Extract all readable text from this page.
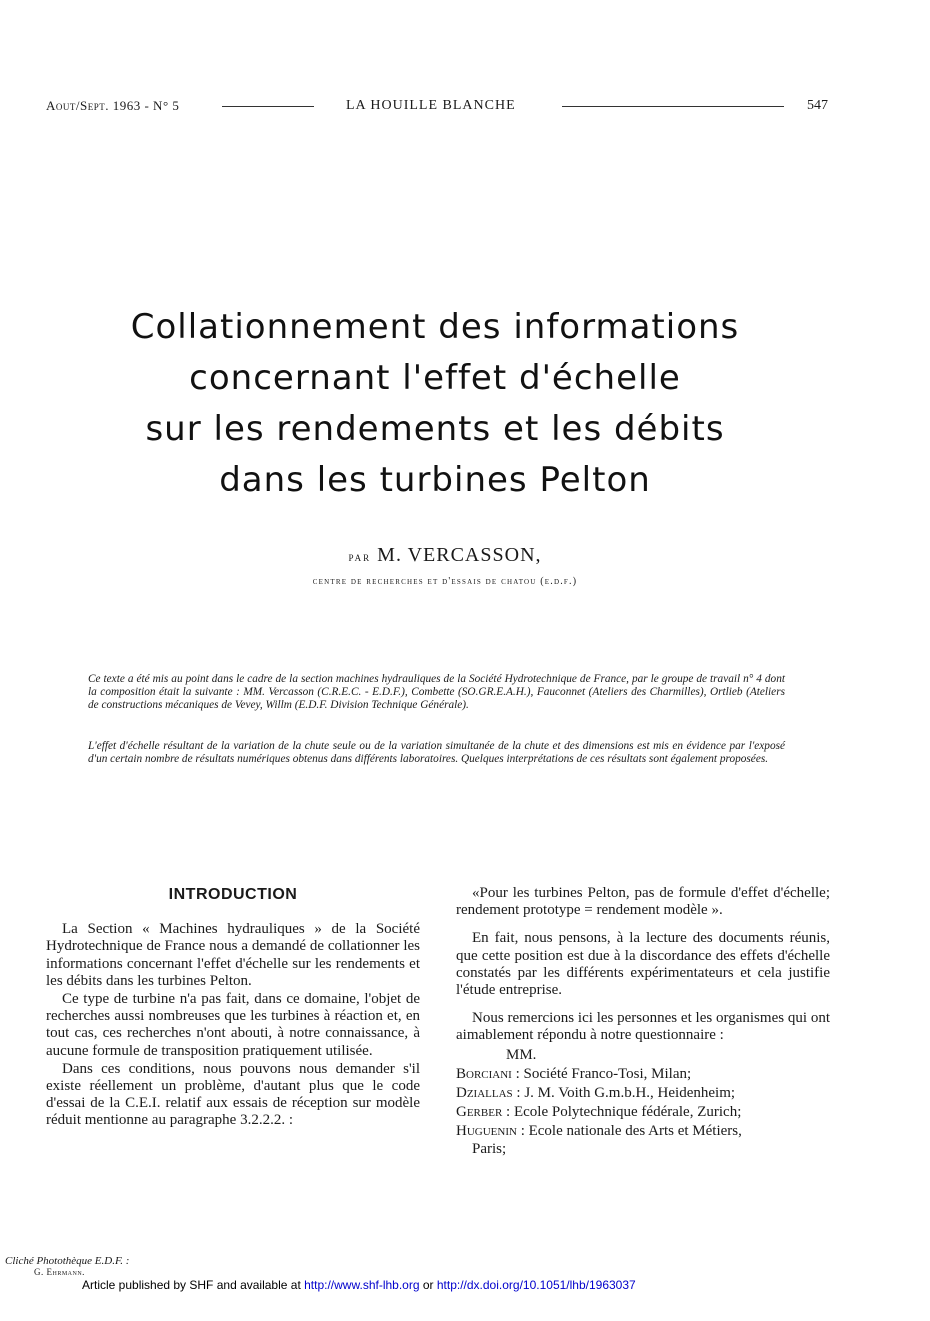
Aout/Sept. 1963 - N° 5	LA HOUILLE BLANCHE	547
Collationnement des informations
concernant l'effet d'échelle
sur les rendements et les débits
dans les turbines Pelton
par M. VERCASSON,
centre de recherches et d'essais de chatou (e.d.f.)
Ce texte a été mis au point dans le cadre de la section machines hydrauliques de la Société Hydrotechnique de France, par le groupe de travail n° 4 dont la composition était la suivante : MM. Vercasson (C.R.E.C. - E.D.F.), Combette (SO.GR.E.A.H.), Fauconnet (Ateliers des Charmilles), Ortlieb (Ateliers de constructions mécaniques de Vevey, Willm (E.D.F. Division Technique Générale).
L'effet d'échelle résultant de la variation de la chute seule ou de la variation simultanée de la chute et des dimensions est mis en évidence par l'exposé d'un certain nombre de résultats numériques obtenus dans différents laboratoires. Quelques interprétations de ces résultats sont également proposées.
INTRODUCTION

La Section « Machines hydrauliques » de la Société Hydrotechnique de France nous a demandé de collationner les informations concernant l'effet d'échelle sur les rendements et les débits dans les turbines Pelton.

Ce type de turbine n'a pas fait, dans ce domaine, l'objet de recherches aussi nombreuses que les turbines à réaction et, en tout cas, ces recherches n'ont abouti, à notre connaissance, à aucune formule de transposition pratiquement utilisée.

Dans ces conditions, nous pouvons nous demander s'il existe réellement un problème, d'autant plus que le code d'essai de la C.E.I. relatif aux essais de réception sur modèle réduit mentionne au paragraphe 3.2.2.2. :

«Pour les turbines Pelton, pas de formule d'effet d'échelle; rendement prototype = rendement modèle ».

En fait, nous pensons, à la lecture des documents réunis, que cette position est due à la discordance des effets d'échelle constatés par les différents expérimentateurs et cela justifie l'étude entreprise.

Nous remercions ici les personnes et les organismes qui ont aimablement répondu à notre questionnaire :

MM.
Borciani : Société Franco-Tosi, Milan;
Dziallas : J. M. Voith G.m.b.H., Heidenheim;
Gerber : Ecole Polytechnique fédérale, Zurich;
Huguenin : Ecole nationale des Arts et Métiers,
Paris;
Cliché Photothèque E.D.F. :
G. Ehrmann.
Article published by SHF and available at http://www.shf-lhb.org or http://dx.doi.org/10.1051/lhb/1963037
